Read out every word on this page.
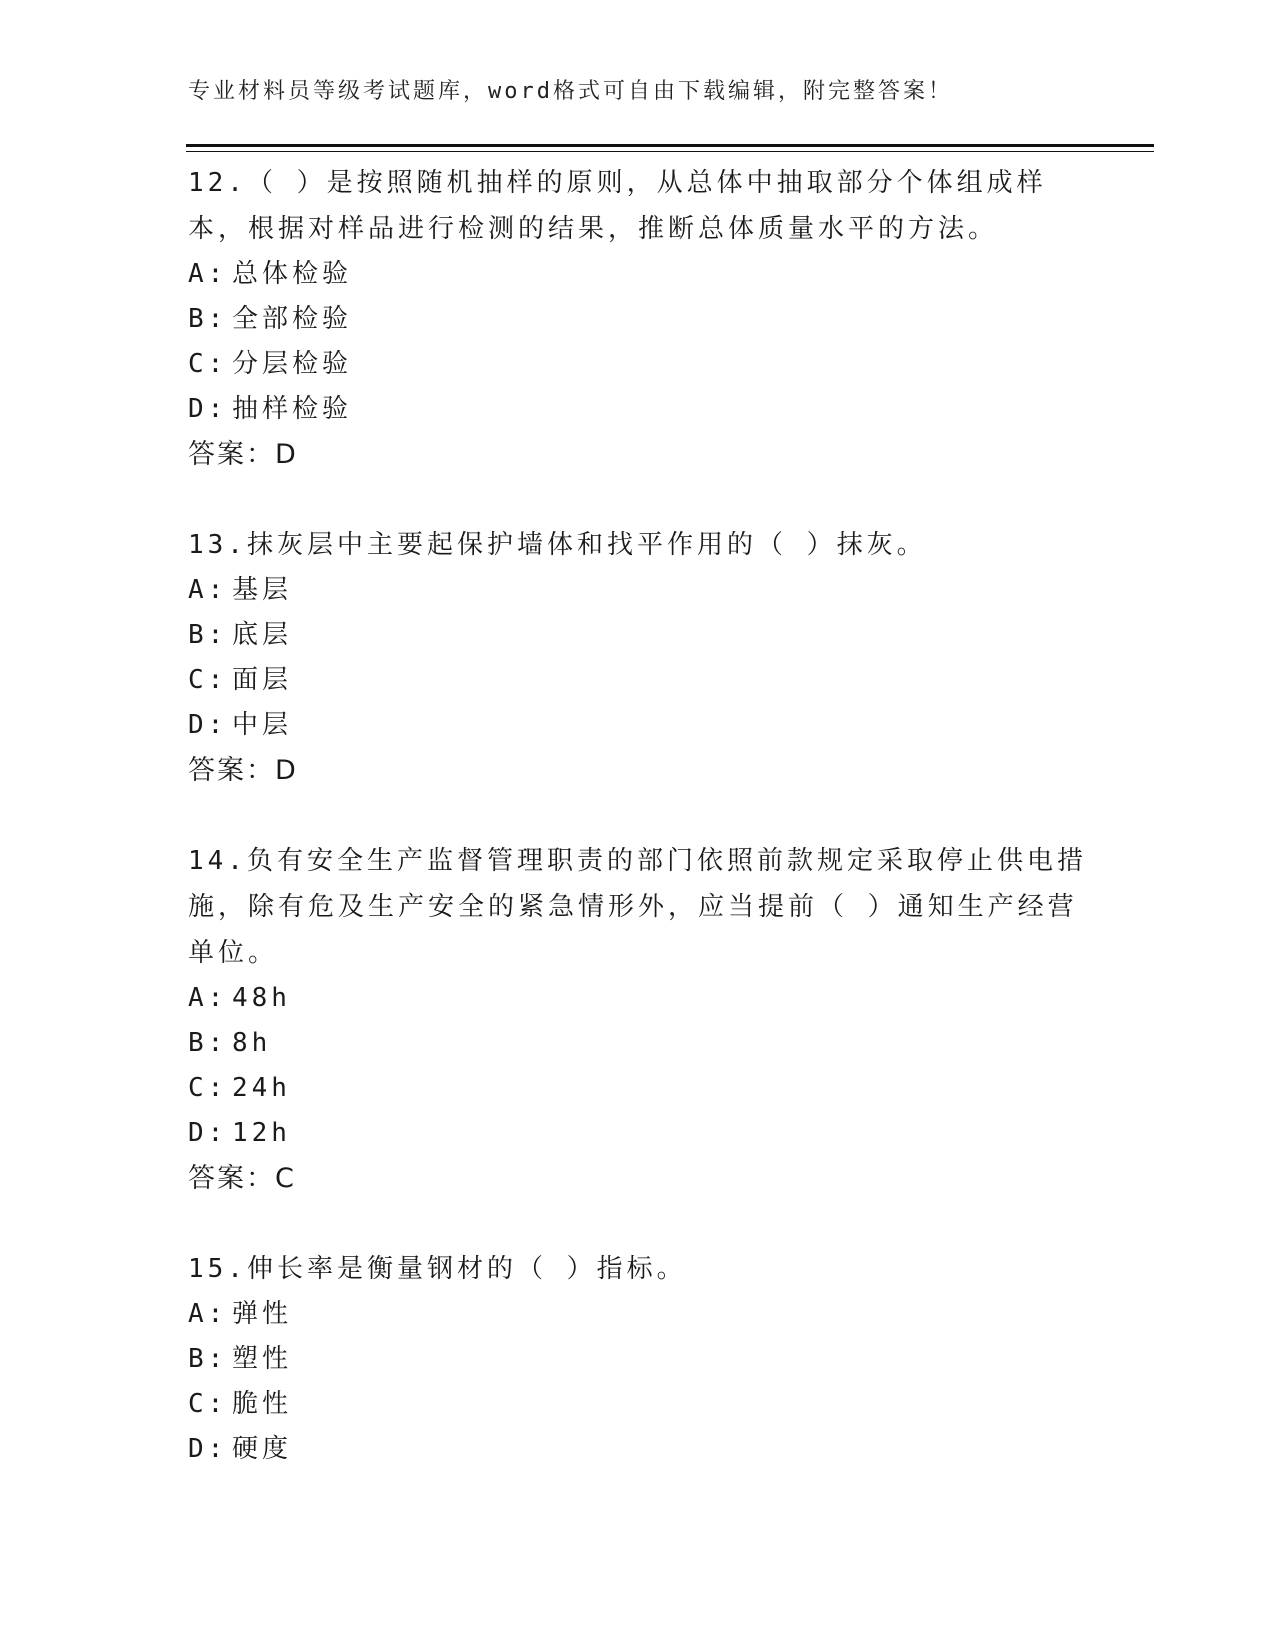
专业材料员等级考试题库，word格式可自由下载编辑，附完整答案！

12.（ ）是按照随机抽样的原则，从总体中抽取部分个体组成样本，根据对样品进行检测的结果，推断总体质量水平的方法。

A: 总体检验
B: 全部检验
C: 分层检验
D: 抽样检验
答案：D

13.抹灰层中主要起保护墙体和找平作用的（ ）抹灰。

A: 基层
B: 底层
C: 面层
D: 中层
答案：D

14.负有安全生产监督管理职责的部门依照前款规定采取停止供电措施，除有危及生产安全的紧急情形外，应当提前（ ）通知生产经营单位。

A: 48h
B: 8h
C: 24h
D: 12h
答案：C

15.伸长率是衡量钢材的（ ）指标。

A: 弹性
B: 塑性
C: 脆性
D: 硬度
